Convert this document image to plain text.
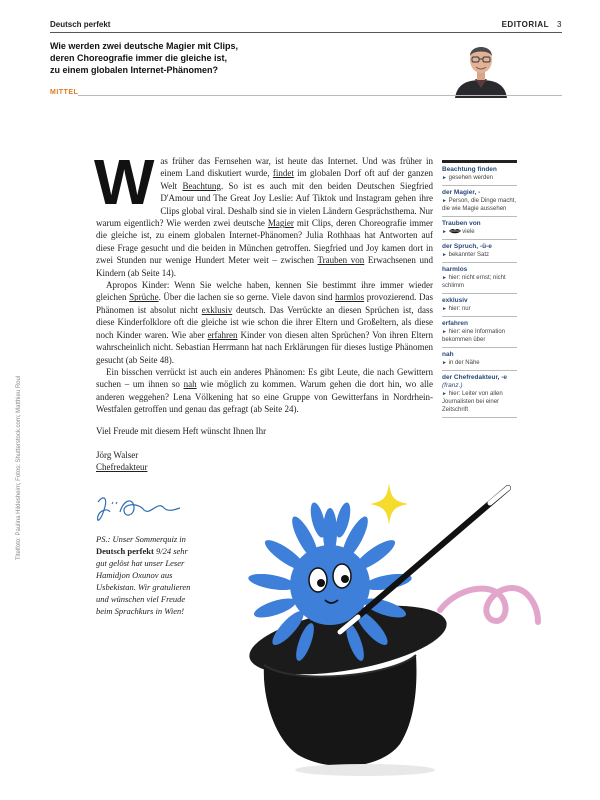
Deutsch perfekt	EDITORIAL 3
Wie werden zwei deutsche Magier mit Clips,
deren Choreografie immer die gleiche ist,
zu einem globalen Internet-Phänomen?
MITTEL

Was früher das Fernsehen war, ist heute das Internet. Und was früher in einem Land diskutiert wurde, findet im globalen Dorf oft auf der ganzen Welt Beachtung. So ist es auch mit den beiden Deutschen Siegfried D'Amour und The Great Joy Leslie: Auf Tiktok und Instagram gehen ihre Clips global viral. Deshalb sind sie in vielen Ländern Gesprächsthema. Nur warum eigentlich? Wie werden zwei deutsche Magier mit Clips, deren Choreografie immer die gleiche ist, zu einem globalen Internet-Phänomen? Julia Rothhaas hat Antworten auf diese Frage gesucht und die beiden in München getroffen. Siegfried und Joy kamen dort in zwei Stunden nur wenige Hundert Meter weit – zwischen Trauben von Erwachsenen und Kindern (ab Seite 14).

Apropos Kinder: Wenn Sie welche haben, kennen Sie bestimmt ihre immer wieder gleichen Sprüche. Über die lachen sie so gerne. Viele davon sind harmlos provozierend. Das Phänomen ist absolut nicht exklusiv deutsch. Das Verrückte an diesen Sprüchen ist, dass diese Kinderfolklore oft die gleiche ist wie schon die ihrer Eltern und Großeltern, als diese noch Kinder waren. Wie aber erfahren Kinder von diesen alten Sprüchen? Von ihren Eltern wahrscheinlich nicht. Sebastian Herrmann hat nach Erklärungen für dieses lustige Phänomen gesucht (ab Seite 48).

Ein bisschen verrückt ist auch ein anderes Phänomen: Es gibt Leute, die nach Gewittern suchen – um ihnen so nah wie möglich zu kommen. Warum gehen die dort hin, wo alle anderen weggehen? Lena Völkening hat so eine Gruppe von Gewitterfans in Nordrhein-Westfalen getroffen und genau das gefragt (ab Seite 24).

Viel Freude mit diesem Heft wünscht Ihnen Ihr
Jörg Walser
Chefredakteur
PS.: Unser Sommerquiz in Deutsch perfekt 9/24 sehr gut gelöst hat unser Leser Hamidjon Oxunov aus Usbekistan. Wir gratulieren und wünschen viel Freude beim Sprachkurs in Wien!
Beachtung finden
► gesehen werden
der Magier, -
► Person, die Dinge macht, die wie Magie aussehen
Trauben von
►	viele
der Spruch, -ü-e
► bekannter Satz
harmlos
► hier: nicht ernst; nicht schlimm
exklusiv
► hier: nur
erfahren
► hier: eine Information bekommen über
nah
► in der Nähe
der Chefredakteur, -e
(franz.)
► hier: Leiter von allen Journalisten bei einer Zeitschrift
Titelfoto: Paulina Hildesheim; Fotos: Shutterstock.com; Matthieu Roul
